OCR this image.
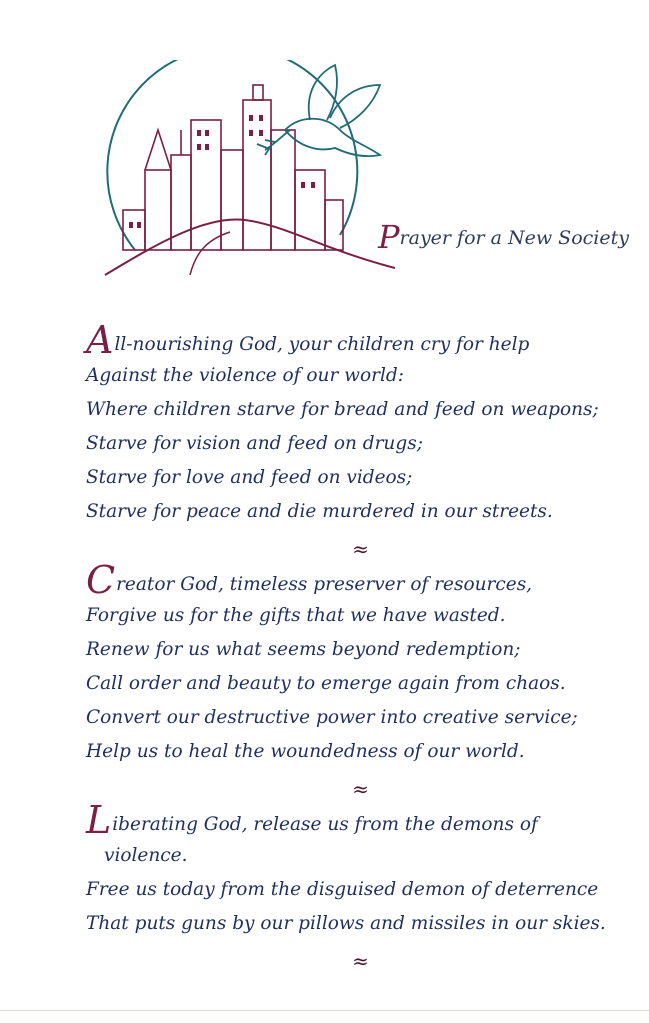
Prayer for a New Society
All-nourishing God, your children cry for help
Against the violence of our world:
Where children starve for bread and feed on weapons;
Starve for vision and feed on drugs;
Starve for love and feed on videos;
Starve for peace and die murdered in our streets.
≈
Creator God, timeless preserver of resources,
Forgive us for the gifts that we have wasted.
Renew for us what seems beyond redemption;
Call order and beauty to emerge again from chaos.
Convert our destructive power into creative service;
Help us to heal the woundedness of our world.
≈
Liberating God, release us from the demons of
violence.
Free us today from the disguised demon of deterrence
That puts guns by our pillows and missiles in our skies.
≈
